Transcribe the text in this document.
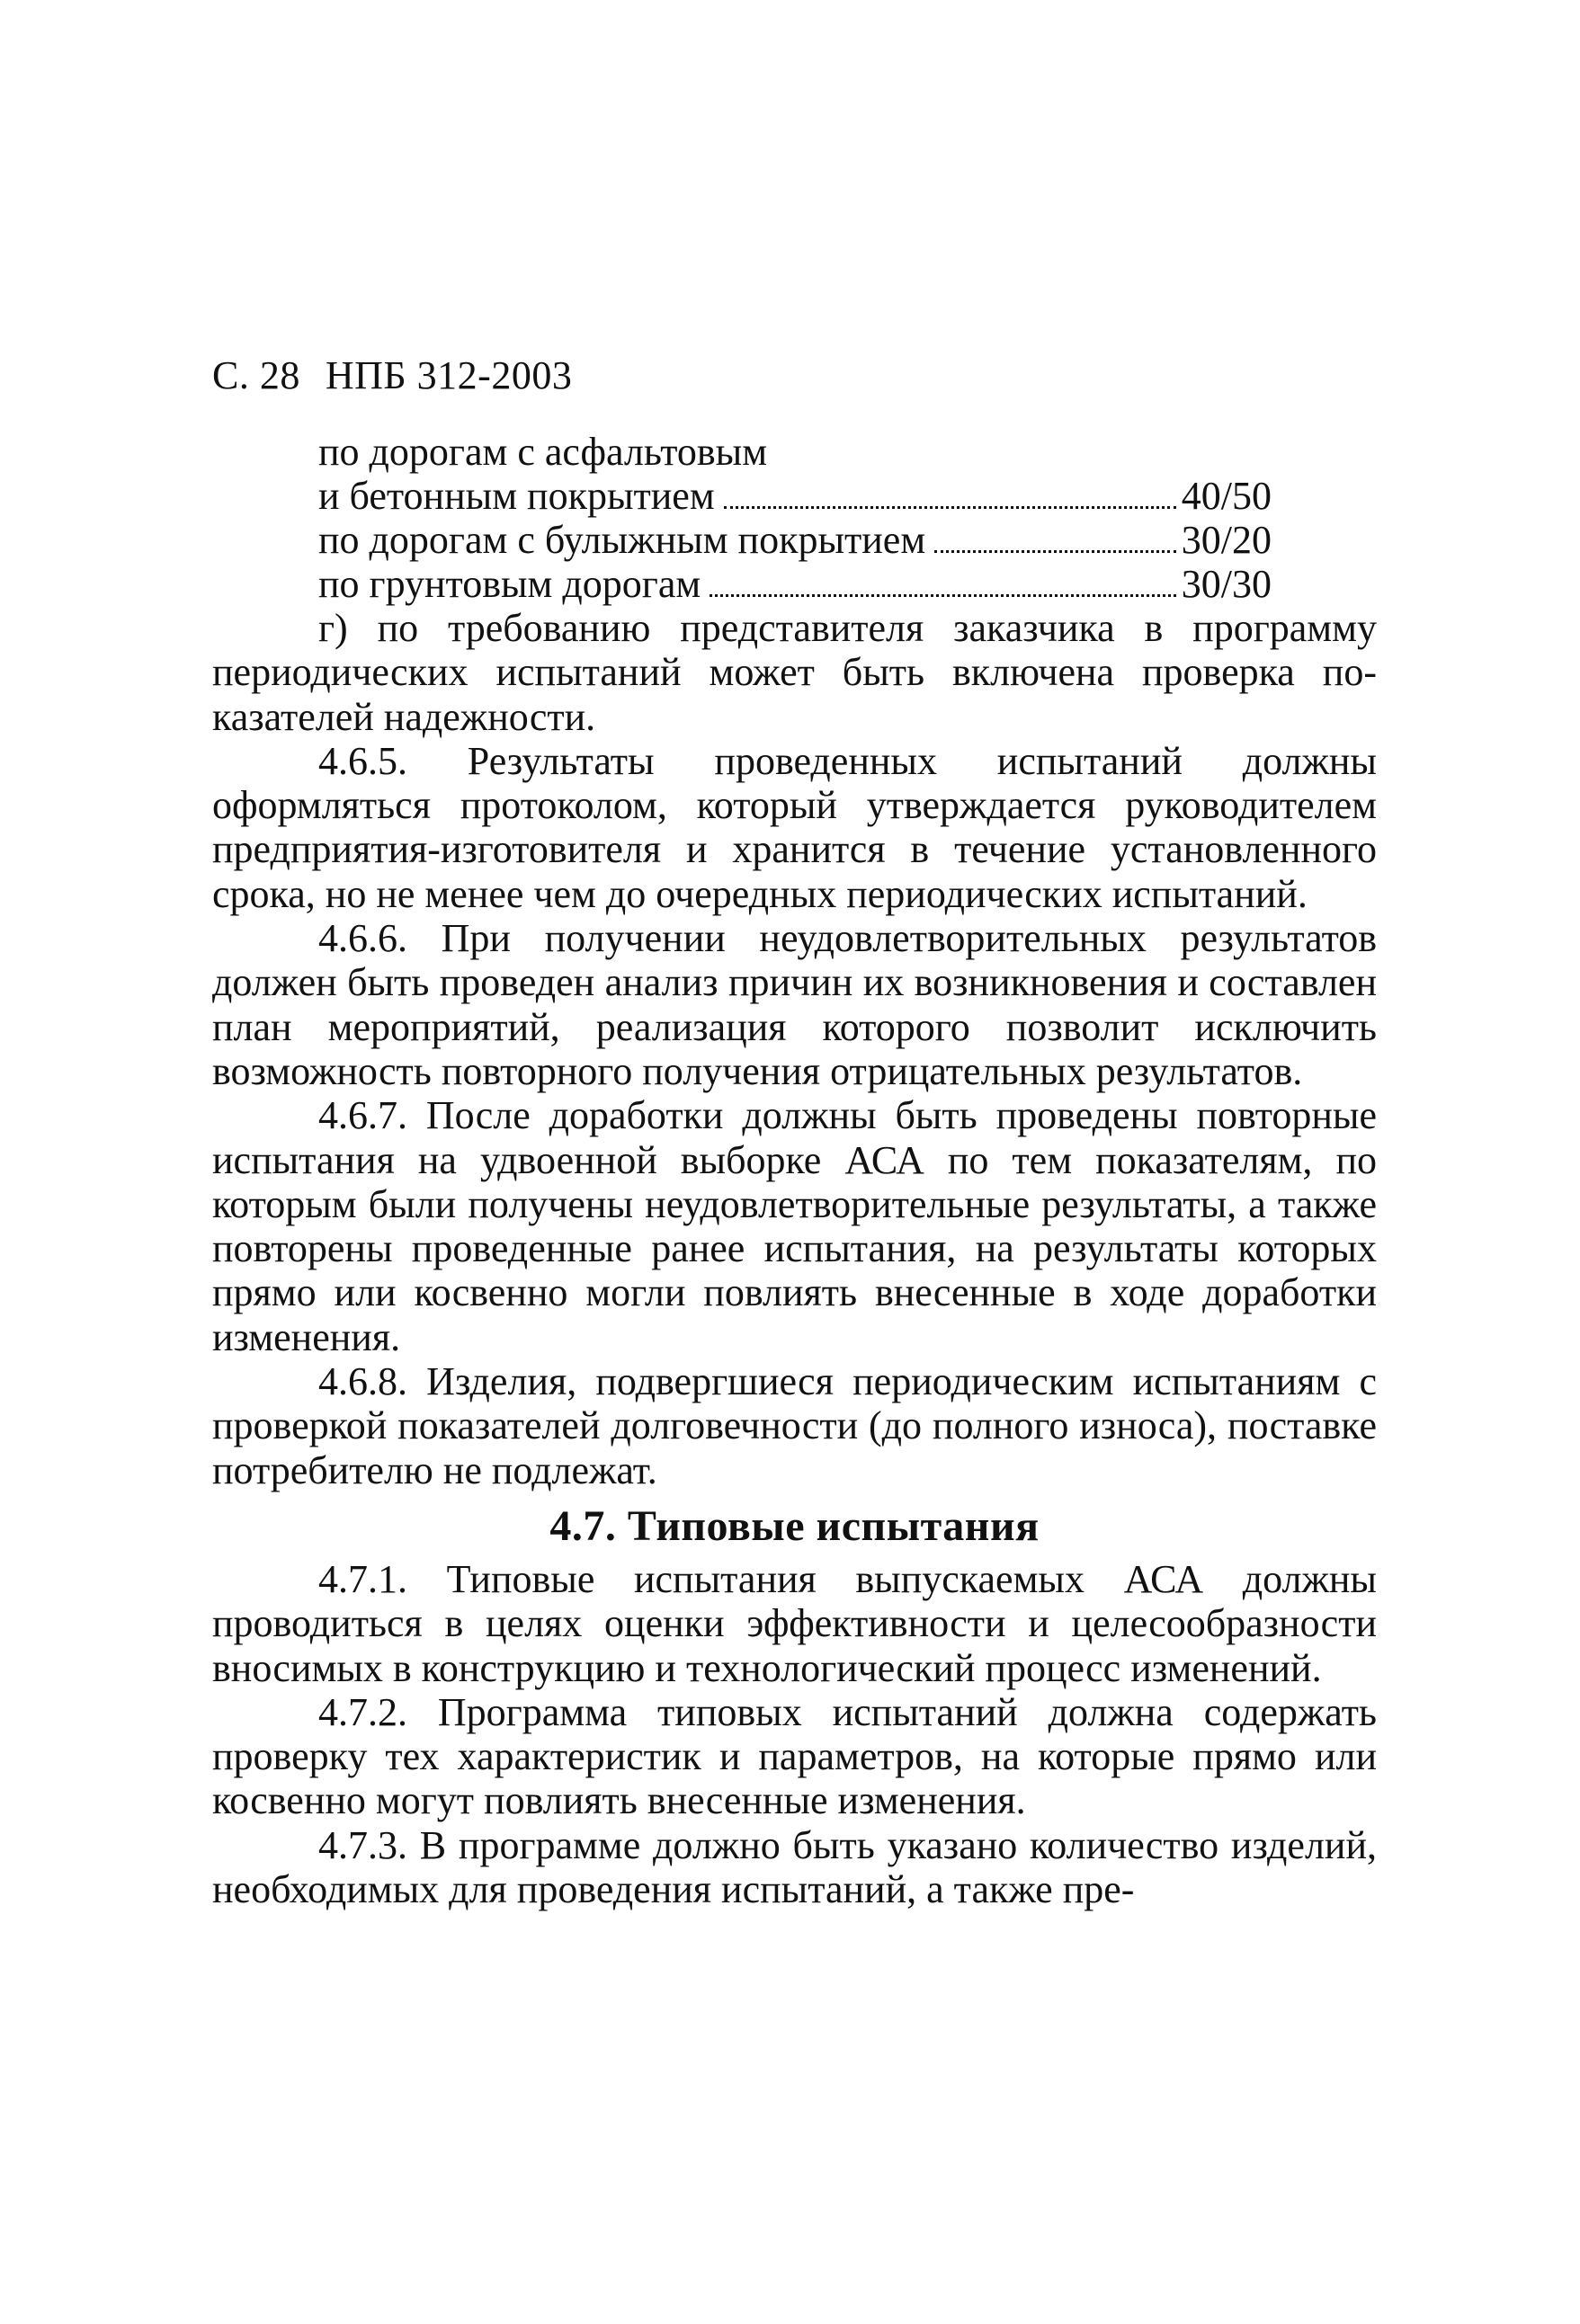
С. 28 НПБ 312-2003
по дорогам с асфальтовым
и бетонным покрытием	40/50
по дорогам с булыжным покрытием	30/20
по грунтовым дорогам	30/30

г) по требованию представителя заказчика в программу периодических испытаний может быть включена проверка показателей надежности.

4.6.5. Результаты проведенных испытаний должны оформляться протоколом, который утверждается руководителем предприятия-изготовителя и хранится в течение установленного срока, но не менее чем до очередных периодических испытаний.

4.6.6. При получении неудовлетворительных результатов должен быть проведен анализ причин их возникновения и составлен план мероприятий, реализация которого позволит исключить возможность повторного получения отрицательных результатов.

4.6.7. После доработки должны быть проведены повторные испытания на удвоенной выборке АСА по тем показателям, по которым были получены неудовлетворительные результаты, а также повторены проведенные ранее испытания, на результаты которых прямо или косвенно могли повлиять внесенные в ходе доработки изменения.

4.6.8. Изделия, подвергшиеся периодическим испытаниям с проверкой показателей долговечности (до полного износа), поставке потребителю не подлежат.

4.7. Типовые испытания

4.7.1. Типовые испытания выпускаемых АСА должны проводиться в целях оценки эффективности и целесообразности вносимых в конструкцию и технологический процесс изменений.

4.7.2. Программа типовых испытаний должна содержать проверку тех характеристик и параметров, на которые прямо или косвенно могут повлиять внесенные изменения.

4.7.3. В программе должно быть указано количество изделий, необходимых для проведения испытаний, а также пре-
